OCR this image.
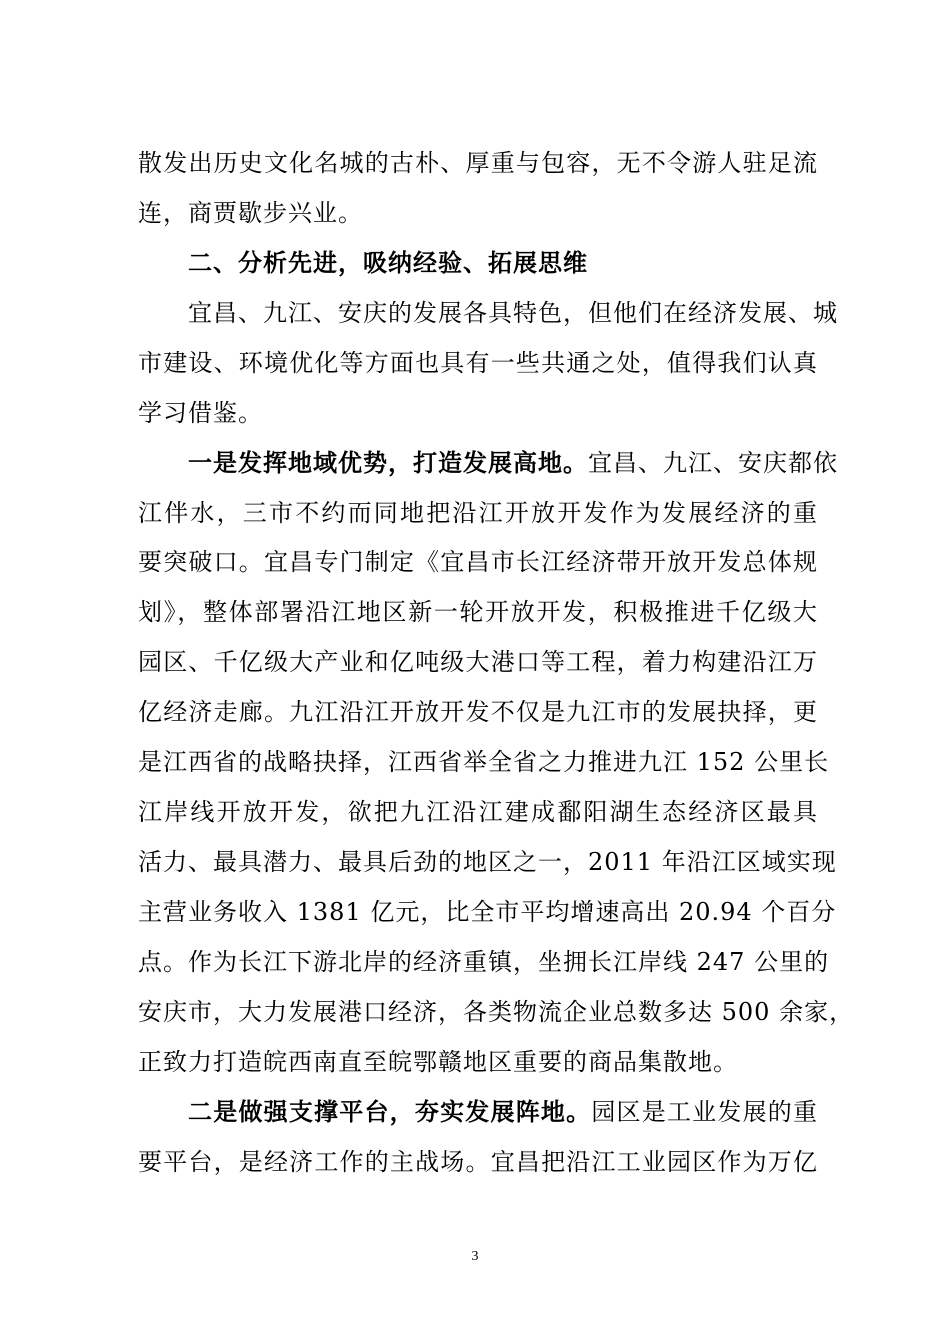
散发出历史文化名城的古朴、厚重与包容，无不令游人驻足流
连，商贾歇步兴业。
二、分析先进，吸纳经验、拓展思维
宜昌、九江、安庆的发展各具特色，但他们在经济发展、城
市建设、环境优化等方面也具有一些共通之处，值得我们认真
学习借鉴。
一是发挥地域优势，打造发展高地。宜昌、九江、安庆都依
江伴水，三市不约而同地把沿江开放开发作为发展经济的重
要突破口。宜昌专门制定《宜昌市长江经济带开放开发总体规
划》，整体部署沿江地区新一轮开放开发，积极推进千亿级大
园区、千亿级大产业和亿吨级大港口等工程，着力构建沿江万
亿经济走廊。九江沿江开放开发不仅是九江市的发展抉择，更
是江西省的战略抉择，江西省举全省之力推进九江 152 公里长
江岸线开放开发，欲把九江沿江建成鄱阳湖生态经济区最具
活力、最具潜力、最具后劲的地区之一，2011 年沿江区域实现
主营业务收入 1381 亿元，比全市平均增速高出 20.94 个百分
点。作为长江下游北岸的经济重镇，坐拥长江岸线 247 公里的
安庆市，大力发展港口经济，各类物流企业总数多达 500 余家，
正致力打造皖西南直至皖鄂赣地区重要的商品集散地。
二是做强支撑平台，夯实发展阵地。园区是工业发展的重
要平台，是经济工作的主战场。宜昌把沿江工业园区作为万亿
3
